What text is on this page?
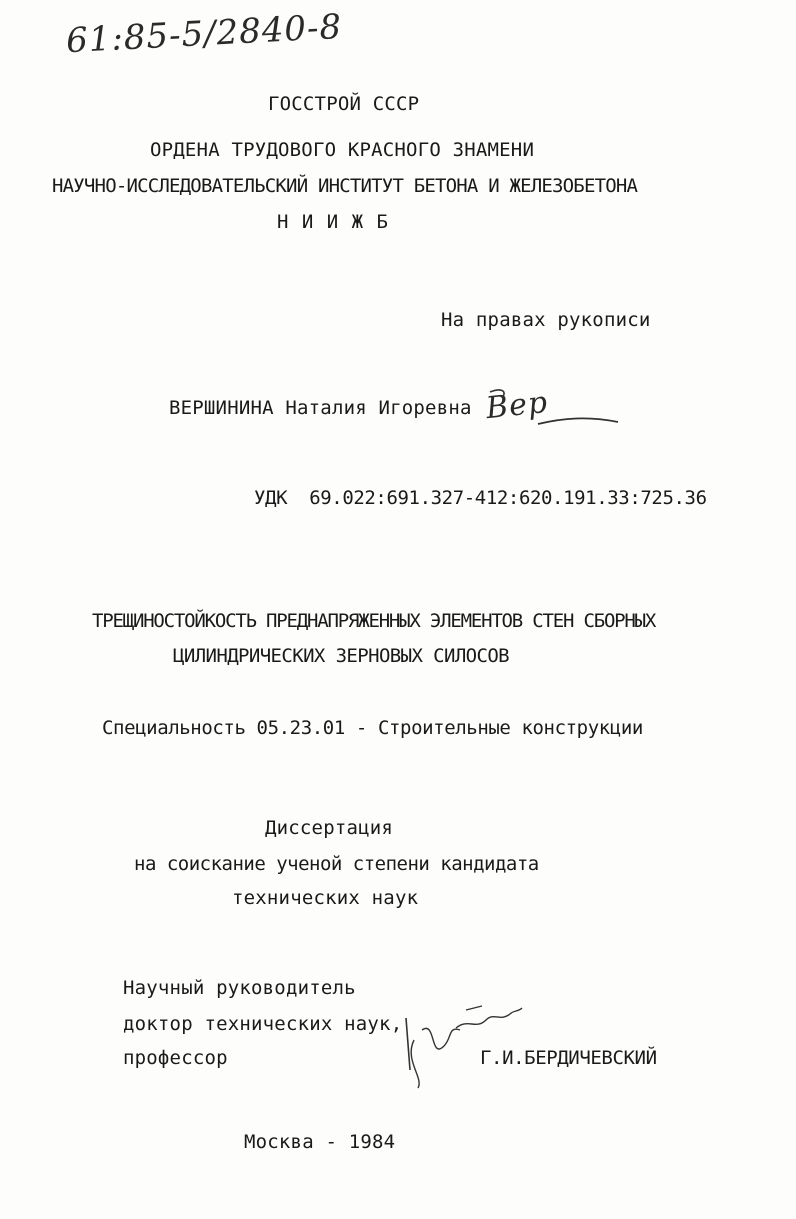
61:85-5/2840-8
ГОССТРОЙ СССР
ОРДЕНА ТРУДОВОГО КРАСНОГО ЗНАМЕНИ
НАУЧНО-ИССЛЕДОВАТЕЛЬСКИЙ ИНСТИТУТ БЕТОНА И ЖЕЛЕЗОБЕТОНА
Н И И Ж Б
На правах рукописи
ВЕРШИНИНА Наталия Игоревна Вер
УДК 69.022:691.327-412:620.191.33:725.36
ТРЕЩИНОСТОЙКОСТЬ ПРЕДНАПРЯЖЕННЫХ ЭЛЕМЕНТОВ СТЕН СБОРНЫХ
ЦИЛИНДРИЧЕСКИХ ЗЕРНОВЫХ СИЛОСОВ
Специальность 05.23.01 - Строительные конструкции
Диссертация
на соискание ученой степени кандидата
технических наук
Научный руководитель
доктор технических наук,
профессор	Г.И.БЕРДИЧЕВСКИЙ
Москва - 1984
